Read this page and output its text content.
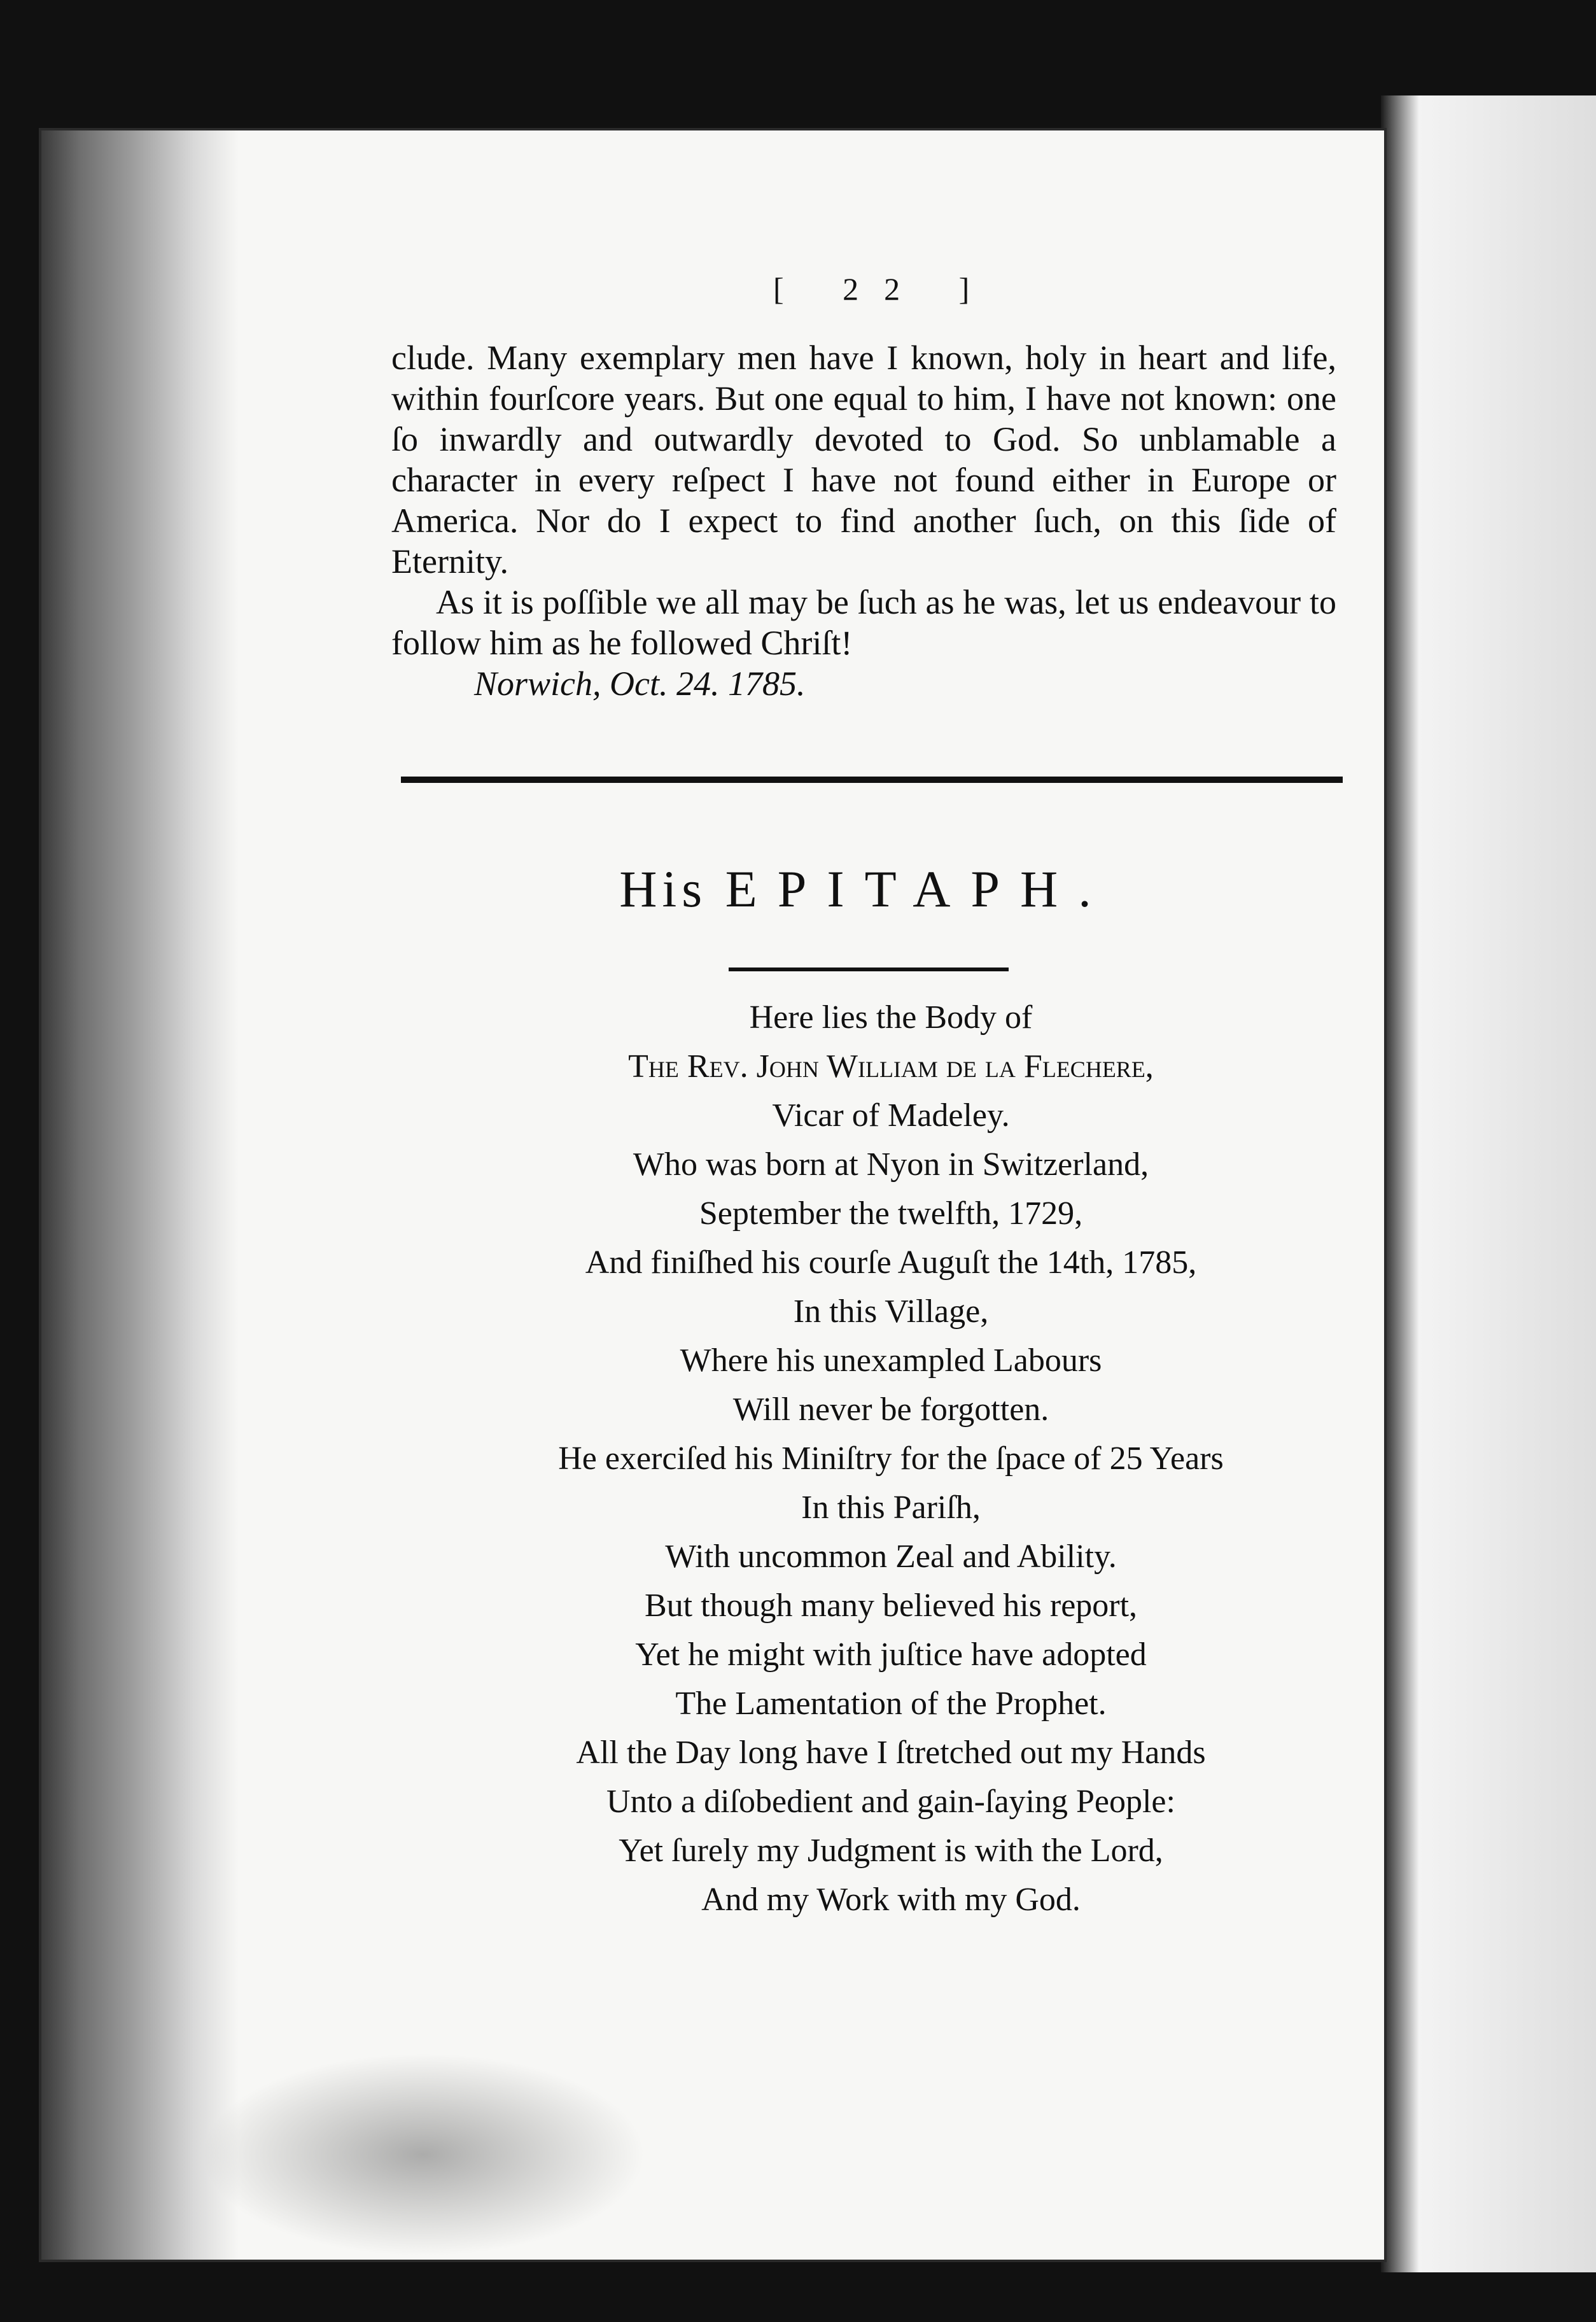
[ 22 ]

clude. Many exemplary men have I known, holy in heart and life, within fourſcore years. But one equal to him, I have not known: one ſo inwardly and outwardly devoted to God. So unblamable a character in every reſpect I have not found either in Europe or America. Nor do I expect to find another ſuch, on this ſide of Eternity.

As it is poſſible we all may be ſuch as he was, let us endeavour to follow him as he followed Chriſt!

Norwich, Oct. 24. 1785.
His EPITAPH.
Here lies the Body of
The Rev. John William de la Flechere,
Vicar of Madeley.
Who was born at Nyon in Switzerland,
September the twelfth, 1729,
And finiſhed his courſe Auguſt the 14th, 1785,
In this Village,
Where his unexampled Labours
Will never be forgotten.
He exerciſed his Miniſtry for the ſpace of 25 Years
In this Pariſh,
With uncommon Zeal and Ability.
But though many believed his report,
Yet he might with juſtice have adopted
The Lamentation of the Prophet.
All the Day long have I ſtretched out my Hands
Unto a diſobedient and gain-ſaying People:
Yet ſurely my Judgment is with the Lord,
And my Work with my God.
